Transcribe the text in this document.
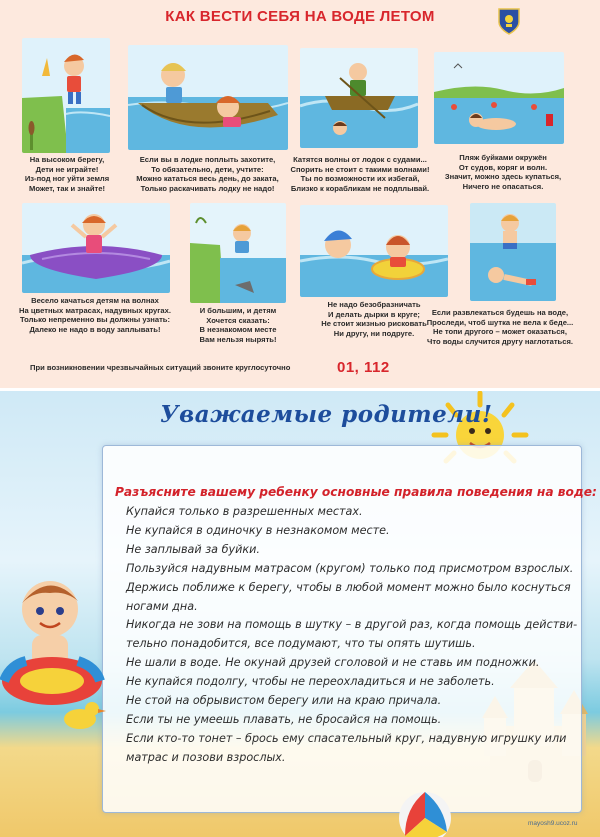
КАК ВЕСТИ СЕБЯ НА ВОДЕ ЛЕТОМ
На высоком берегу,
Дети не играйте!
Из-под ног уйти земля
Может, так и знайте!
Если вы в лодке поплыть захотите,
То обязательно, дети, учтите:
Можно кататься весь день, до заката,
Только раскачивать лодку не надо!
Катятся волны от лодок с судами...
Спорить не стоит с такими волнами!
Ты по возможности их избегай,
Близко к корабликам не подплывай.
Пляж буйками окружён
От судов, коряг и волн.
Значит, можно здесь купаться,
Ничего не опасаться.
Весело качаться детям на волнах
На цветных матрасах, надувных кругах.
Только непременно вы должны узнать:
Далеко не надо в воду заплывать!
И большим, и детям
Хочется сказать:
В незнакомом месте
Вам нельзя нырять!
Не надо безобразничать
И делать дырки в круге;
Не стоит жизнью рисковать
Ни другу, ни подруге.
Если развлекаться будешь на воде,
Проследи, чтоб шутка не вела к беде...
Не топи другого – может оказаться,
Что воды случится другу наглотаться.
При возникновении чрезвычайных ситуаций звоните круглосуточно	01, 112
Уважаемые родители!
Разъясните вашему ребенку основные правила поведения на воде:
Купайся только в разрешенных местах.
Не купайся в одиночку в незнакомом месте.
Не заплывай за буйки.
Пользуйся надувным матрасом (кругом) только под присмотром взрослых.
Держись поближе к берегу, чтобы в любой момент можно было коснуться
ногами дна.
Никогда не зови на помощь в шутку – в другой раз, когда помощь действи-
тельно понадобится, все подумают, что ты опять шутишь.
Не шали в воде. Не окунай друзей сголовой и не ставь им подножки.
Не купайся подолгу, чтобы не переохладиться и не заболеть.
Не стой на обрывистом берегу или на краю причала.
Если ты не умеешь плавать, не бросайся на помощь.
Если кто-то тонет – брось ему спасательный круг, надувную игрушку или
матрас и позови взрослых.
mayosh9.ucoz.ru
